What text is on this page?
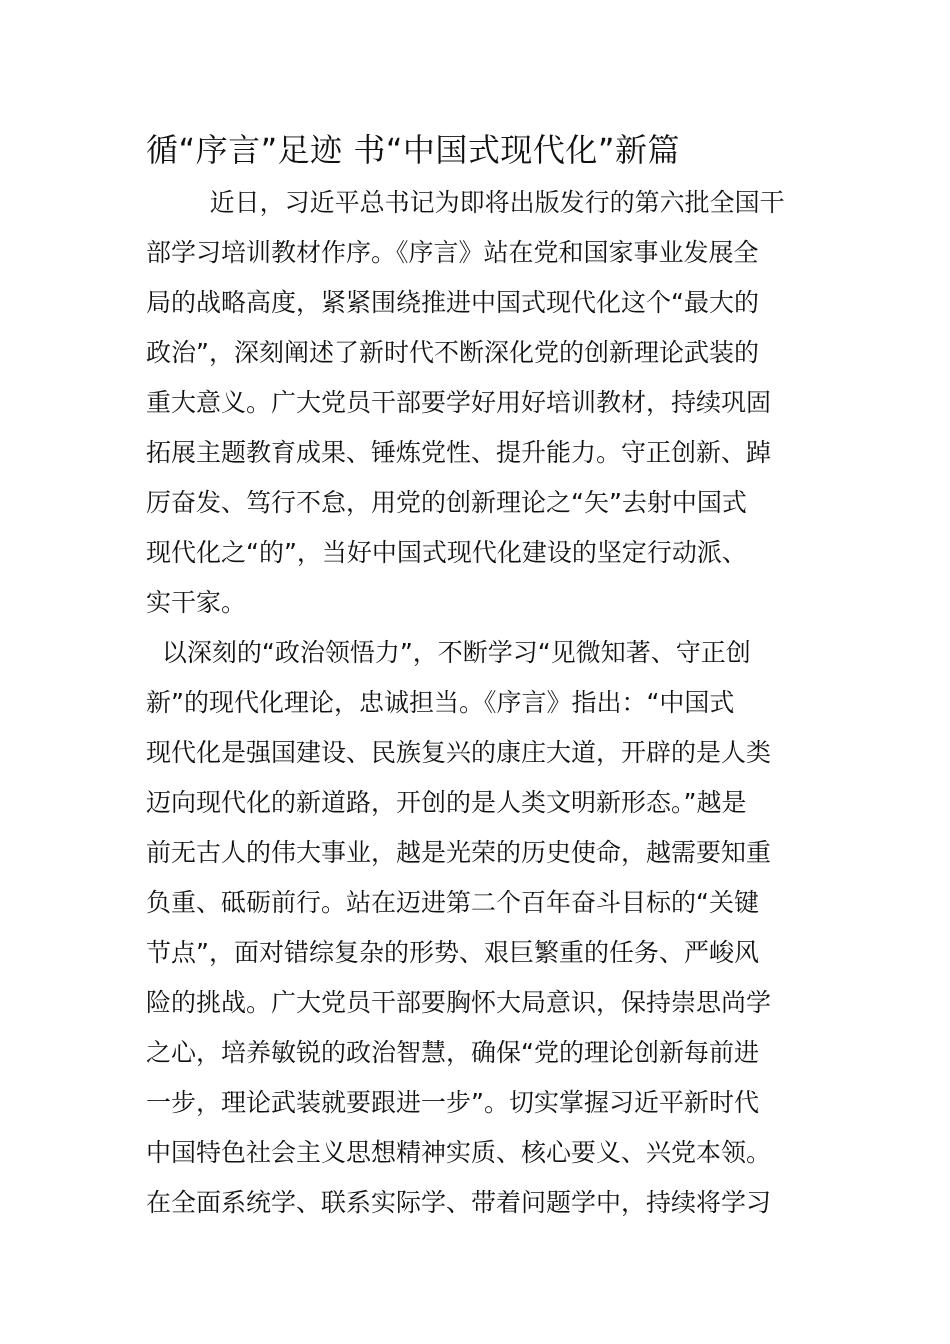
循“序言”足迹 书“中国式现代化”新篇
近日，习近平总书记为即将出版发行的第六批全国干
部学习培训教材作序。《序言》站在党和国家事业发展全
局的战略高度，紧紧围绕推进中国式现代化这个“最大的
政治”，深刻阐述了新时代不断深化党的创新理论武装的
重大意义。广大党员干部要学好用好培训教材，持续巩固
拓展主题教育成果、锤炼党性、提升能力。守正创新、踔
厉奋发、笃行不怠，用党的创新理论之“矢”去射中国式
现代化之“的”，当好中国式现代化建设的坚定行动派、
实干家。
以深刻的“政治领悟力”，不断学习“见微知著、守正创
新”的现代化理论，忠诚担当。《序言》指出：“中国式
现代化是强国建设、民族复兴的康庄大道，开辟的是人类
迈向现代化的新道路，开创的是人类文明新形态。”越是
前无古人的伟大事业，越是光荣的历史使命，越需要知重
负重、砥砺前行。站在迈进第二个百年奋斗目标的“关键
节点”，面对错综复杂的形势、艰巨繁重的任务、严峻风
险的挑战。广大党员干部要胸怀大局意识，保持崇思尚学
之心，培养敏锐的政治智慧，确保“党的理论创新每前进
一步，理论武装就要跟进一步”。切实掌握习近平新时代
中国特色社会主义思想精神实质、核心要义、兴党本领。
在全面系统学、联系实际学、带着问题学中，持续将学习
